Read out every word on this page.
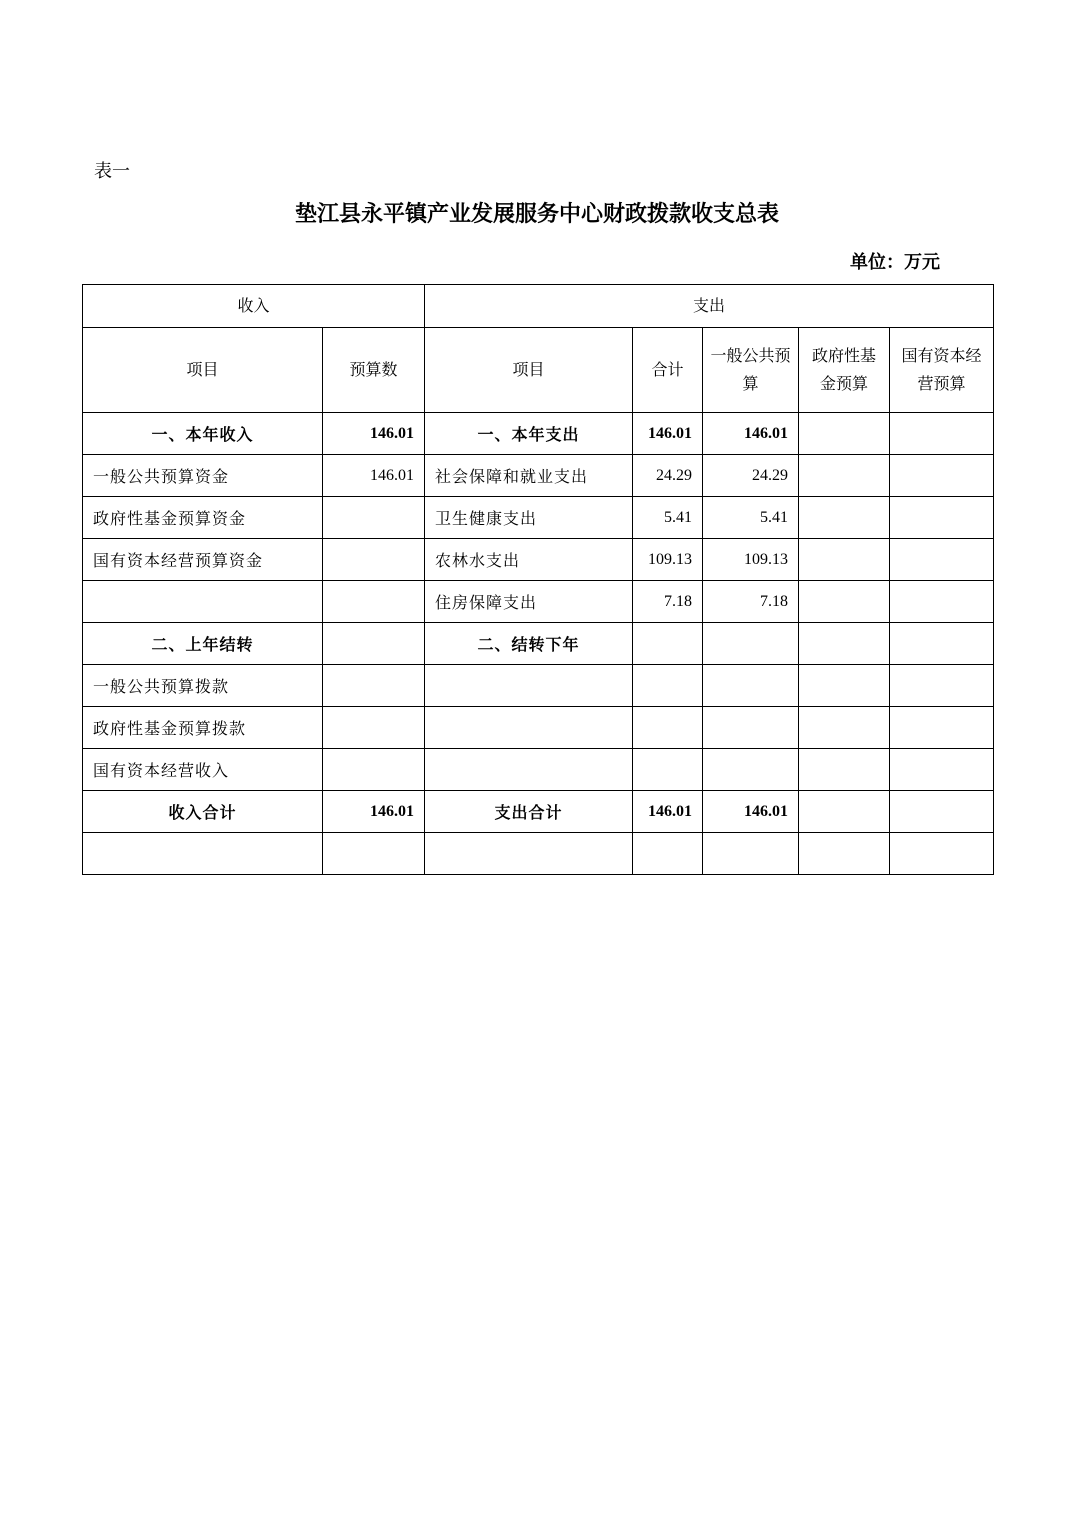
表一
垫江县永平镇产业发展服务中心财政拨款收支总表
单位：万元
收入		支出				
项目	预算数	项目	合计	一般公共预算	政府性基金预算	国有资本经营预算
一、本年收入	146.01	一、本年支出	146.01	146.01		
一般公共预算资金	146.01	社会保障和就业支出	24.29	24.29		
政府性基金预算资金		卫生健康支出	5.41	5.41		
国有资本经营预算资金		农林水支出	109.13	109.13		
		住房保障支出	7.18	7.18		
二、上年结转		二、结转下年				
一般公共预算拨款						
政府性基金预算拨款						
国有资本经营收入						
收入合计	146.01	支出合计	146.01	146.01		
